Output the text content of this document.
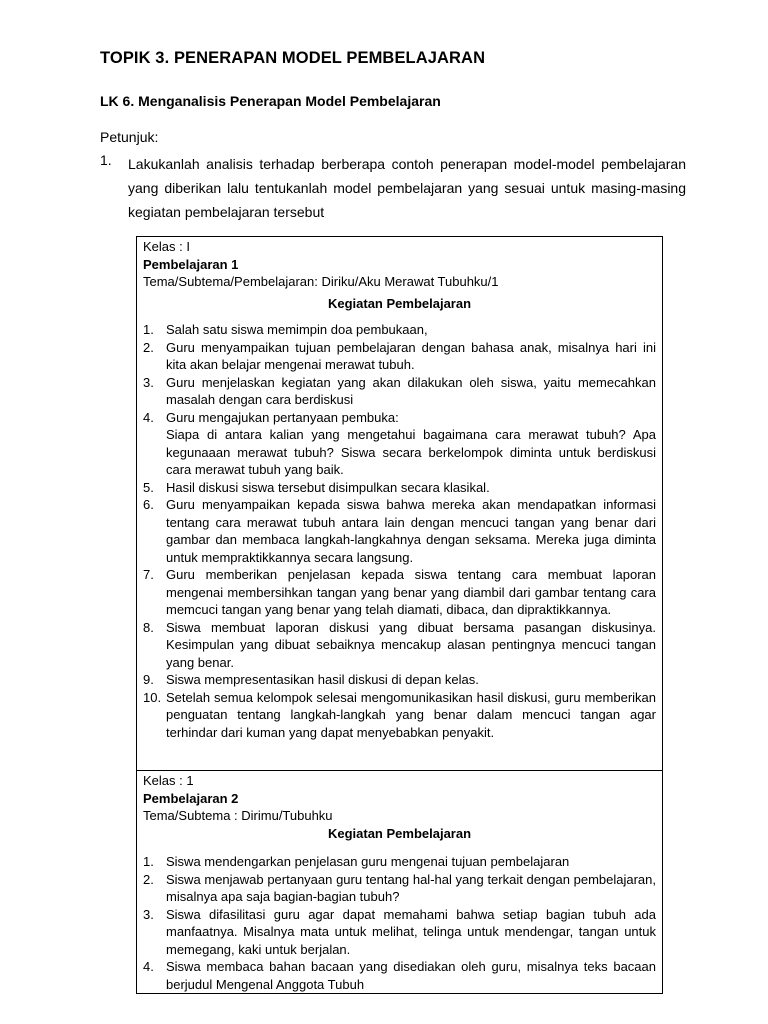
TOPIK 3. PENERAPAN MODEL PEMBELAJARAN
LK 6. Menganalisis Penerapan Model Pembelajaran
Petunjuk:
1. Lakukanlah analisis terhadap berberapa contoh penerapan model-model pembelajaran yang diberikan lalu tentukanlah model pembelajaran yang sesuai untuk masing-masing kegiatan pembelajaran tersebut
Kelas : I
Pembelajaran 1
Tema/Subtema/Pembelajaran: Diriku/Aku Merawat Tubuhku/1
Kegiatan Pembelajaran
1. Salah satu siswa memimpin doa pembukaan,
2. Guru menyampaikan tujuan pembelajaran dengan bahasa anak, misalnya hari ini kita akan belajar mengenai merawat tubuh.
3. Guru menjelaskan kegiatan yang akan dilakukan oleh siswa, yaitu memecahkan masalah dengan cara berdiskusi
4. Guru mengajukan pertanyaan pembuka:
Siapa di antara kalian yang mengetahui bagaimana cara merawat tubuh? Apa kegunaaan merawat tubuh? Siswa secara berkelompok diminta untuk berdiskusi cara merawat tubuh yang baik.
5. Hasil diskusi siswa tersebut disimpulkan secara klasikal.
6. Guru menyampaikan kepada siswa bahwa mereka akan mendapatkan informasi tentang cara merawat tubuh antara lain dengan mencuci tangan yang benar dari gambar dan membaca langkah-langkahnya dengan seksama. Mereka juga diminta untuk mempraktikkannya secara langsung.
7. Guru memberikan penjelasan kepada siswa tentang cara membuat laporan mengenai membersihkan tangan yang benar yang diambil dari gambar tentang cara memcuci tangan yang benar yang telah diamati, dibaca, dan dipraktikkannya.
8. Siswa membuat laporan diskusi yang dibuat bersama pasangan diskusinya. Kesimpulan yang dibuat sebaiknya mencakup alasan pentingnya mencuci tangan yang benar.
9. Siswa mempresentasikan hasil diskusi di depan kelas.
10. Setelah semua kelompok selesai mengomunikasikan hasil diskusi, guru memberikan penguatan tentang langkah-langkah yang benar dalam mencuci tangan agar terhindar dari kuman yang dapat menyebabkan penyakit.
Kelas : 1
Pembelajaran 2
Tema/Subtema : Dirimu/Tubuhku
Kegiatan Pembelajaran
1. Siswa mendengarkan penjelasan guru mengenai tujuan pembelajaran
2. Siswa menjawab pertanyaan guru tentang hal-hal yang terkait dengan pembelajaran, misalnya apa saja bagian-bagian tubuh?
3. Siswa difasilitasi guru agar dapat memahami bahwa setiap bagian tubuh ada manfaatnya. Misalnya mata untuk melihat, telinga untuk mendengar, tangan untuk memegang, kaki untuk berjalan.
4. Siswa membaca bahan bacaan yang disediakan oleh guru, misalnya teks bacaan berjudul Mengenal Anggota Tubuh
